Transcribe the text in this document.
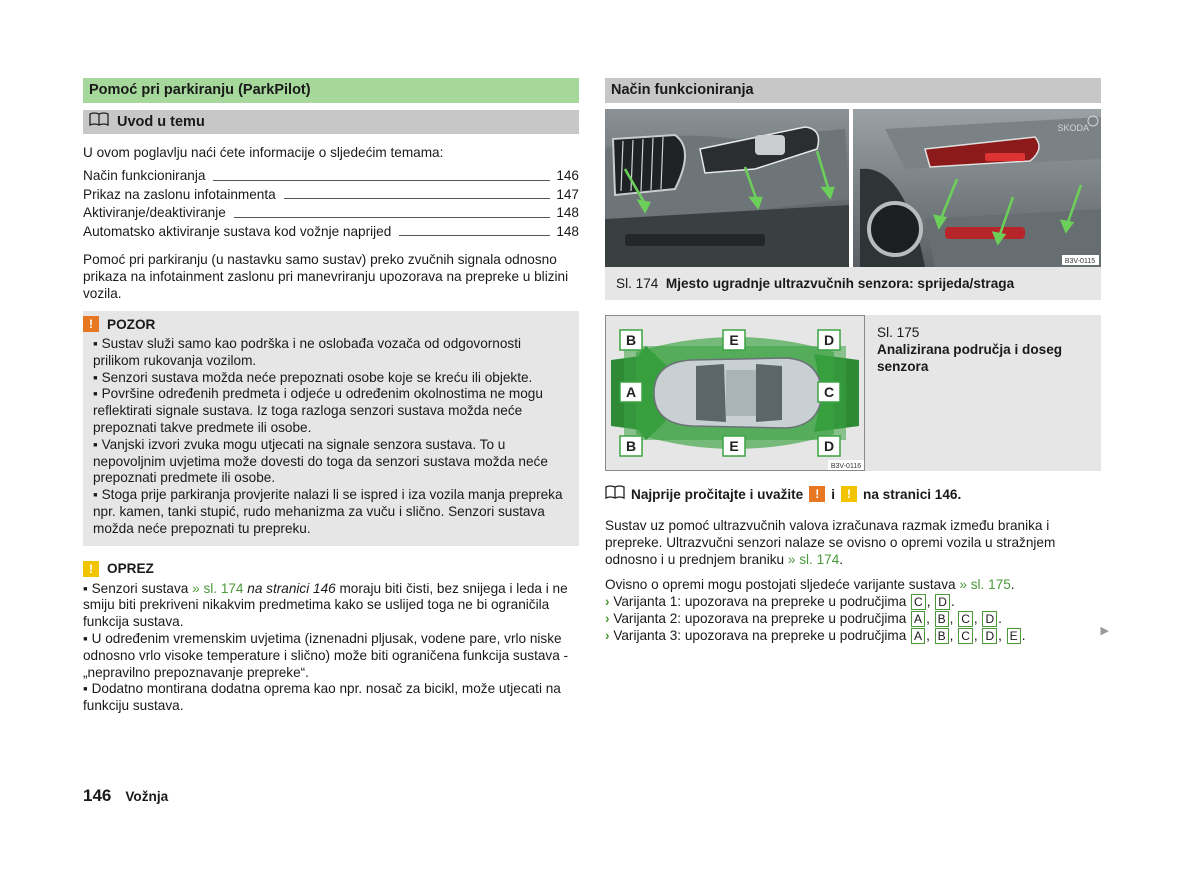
Pomoć pri parkiranju (ParkPilot)
Uvod u temu

U ovom poglavlju naći ćete informacije o sljedećim temama:

Način funkcioniranja	146
Prikaz na zaslonu infotainmenta	147
Aktiviranje/deaktiviranje	148
Automatsko aktiviranje sustava kod vožnje naprijed	148

Pomoć pri parkiranju (u nastavku samo sustav) preko zvučnih signala odnosno prikaza na infotainment zaslonu pri manevriranju upozorava na prepreke u blizini vozila.

!	POZOR
▪ Sustav služi samo kao podrška i ne oslobađa vozača od odgovornosti prilikom rukovanja vozilom.
▪ Senzori sustava možda neće prepoznati osobe koje se kreću ili objekte.
▪ Površine određenih predmeta i odjeće u određenim okolnostima ne mogu reflektirati signale sustava. Iz toga razloga senzori sustava možda neće prepoznati takve predmete ili osobe.
▪ Vanjski izvori zvuka mogu utjecati na signale senzora sustava. To u nepovoljnim uvjetima može dovesti do toga da senzori sustava možda neće prepoznati predmete ili osobe.
▪ Stoga prije parkiranja provjerite nalazi li se ispred i iza vozila manja prepreka npr. kamen, tanki stupić, rudo mehanizma za vuču i slično. Senzori sustava možda neće prepoznati tu prepreku.
!	OPREZ
▪ Senzori sustava » sl. 174 na stranici 146 moraju biti čisti, bez snijega i leda i ne smiju biti prekriveni nikakvim predmetima kako se uslijed toga ne bi ograničila funkcija sustava.
▪ U određenim vremenskim uvjetima (iznenadni pljusak, vodene pare, vrlo niske odnosno vrlo visoke temperature i slično) može biti ograničena funkcija sustava - „nepravilno prepoznavanje prepreke“.
▪ Dodatno montirana dodatna oprema kao npr. nosač za bicikl, može utjecati na funkciju sustava.
Način funkcioniranja
SKODA
B3V-0115
Sl. 174 Mjesto ugradnje ultrazvučnih senzora: sprijeda/straga
B	E	D
A	C
B	E	D
B3V-0116
Sl. 175
Analizirana područja i doseg senzora
Najprije pročitajte i uvažite	! i	! na stranici 146.

Sustav uz pomoć ultrazvučnih valova izračunava razmak između branika i prepreke. Ultrazvučni senzori nalaze se ovisno o opremi vozila u stražnjem odnosno i u prednjem braniku » sl. 174.

Ovisno o opremi mogu postojati sljedeće varijante sustava » sl. 175.

› Varijanta 1: upozorava na prepreke u područjima C , D .
› Varijanta 2: upozorava na prepreke u područjima A , B , C , D .
› Varijanta 3: upozorava na prepreke u područjima A , B , C , D , E .	▶
146 Vožnja
